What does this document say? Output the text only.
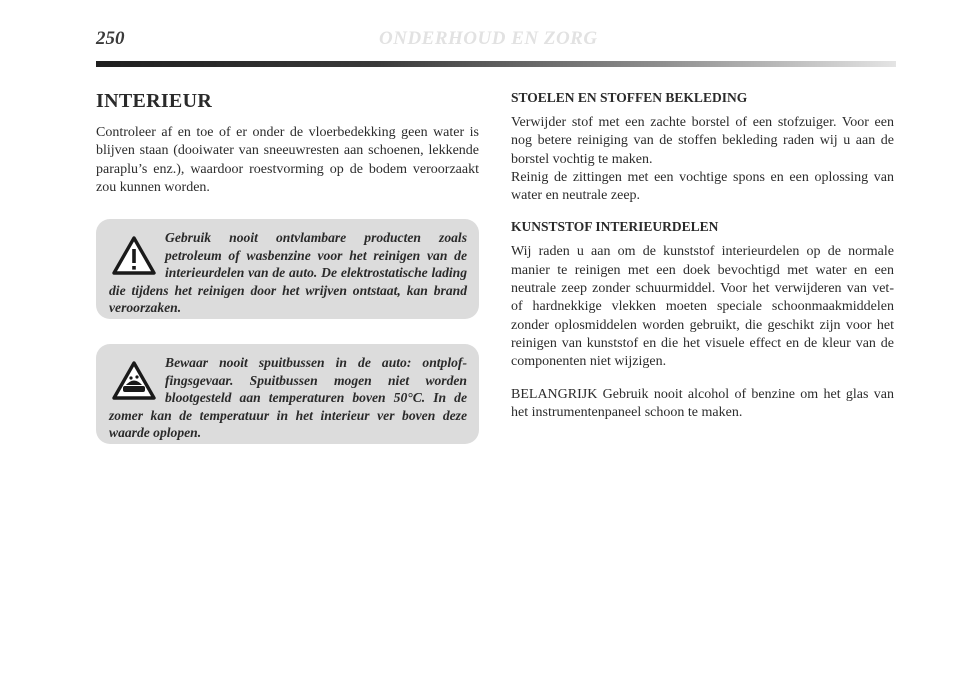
250	ONDERHOUD EN ZORG
INTERIEUR

Controleer af en toe of er onder de vloerbedekking geen water is blijven staan (dooiwater van sneeuwresten aan schoenen, lekkende paraplu’s enz.), waardoor roestvorming op de bodem veroorzaakt zou kunnen worden.

Gebruik nooit ontvlambare producten zoals petroleum of wasbenzine voor het reinigen van de interieurdelen van de auto. De elektrostatische lading die tijdens het reinigen door het wrijven ontstaat, kan brand veroorzaken.

Bewaar nooit spuitbussen in de auto: ontploffingsgevaar. Spuitbussen mogen niet worden blootgesteld aan temperaturen boven 50°C. In de zomer kan de temperatuur in het interieur ver boven deze waarde oplopen.

STOELEN EN STOFFEN BEKLEDING

Verwijder stof met een zachte borstel of een stofzuiger. Voor een nog betere reiniging van de stoffen bekleding raden wij u aan de borstel vochtig te maken.

Reinig de zittingen met een vochtige spons en een oplossing van water en neutrale zeep.

KUNSTSTOF INTERIEURDELEN

Wij raden u aan om de kunststof interieurdelen op de normale manier te reinigen met een doek bevochtigd met water en een neutrale zeep zonder schuurmiddel. Voor het verwijderen van vet- of hardnekkige vlekken moeten speciale schoonmaakmiddelen zonder oplosmiddelen worden gebruikt, die geschikt zijn voor het reinigen van kunststof en die het visuele effect en de kleur van de componenten niet wijzigen.

BELANGRIJK Gebruik nooit alcohol of benzine om het glas van het instrumentenpaneel schoon te maken.
